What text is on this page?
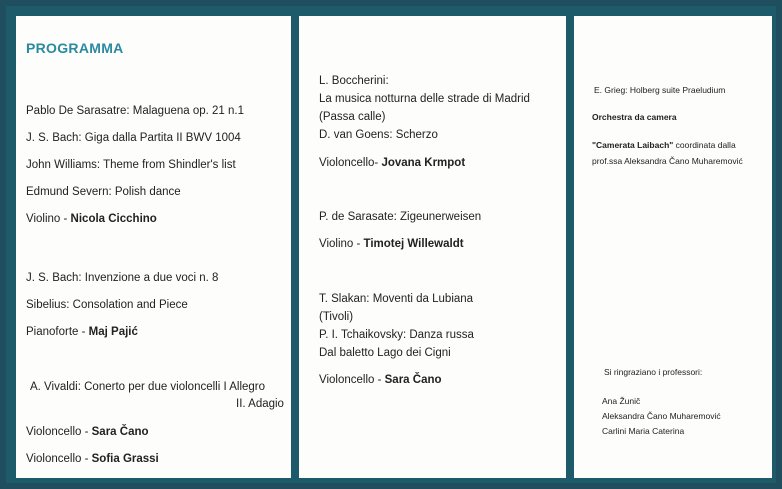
PROGRAMMA
Pablo De Sarasatre: Malaguena op. 21 n.1
J. S. Bach: Giga dalla Partita II BWV 1004
John Williams: Theme from Shindler's list
Edmund Severn: Polish dance
Violino - Nicola Cicchino
J. S. Bach: Invenzione a due voci n. 8
Sibelius: Consolation and Piece
Pianoforte - Maj Pajić
A. Vivaldi: Conerto per due violoncelli I Allegro
II. Adagio
Violoncello - Sara Čano
Violoncello - Sofia Grassi
L. Boccherini:
La musica notturna delle strade di Madrid
(Passa calle)
D. van Goens: Scherzo
Violoncello- Jovana Krmpot
P. de Sarasate: Zigeunerweisen
Violino - Timotej Willewaldt
T. Slakan: Moventi da Lubiana
(Tivoli)
P. I. Tchaikovsky: Danza russa
Dal baletto Lago dei Cigni
Violoncello - Sara Čano
E. Grieg: Holberg suite Praeludium
Orchestra da camera
"Camerata Laibach" coordinata dalla
prof.ssa Aleksandra Čano Muharemović
Si ringraziano i professori:
Ana Žunič
Aleksandra Čano Muharemović
Carlini Maria Caterina
